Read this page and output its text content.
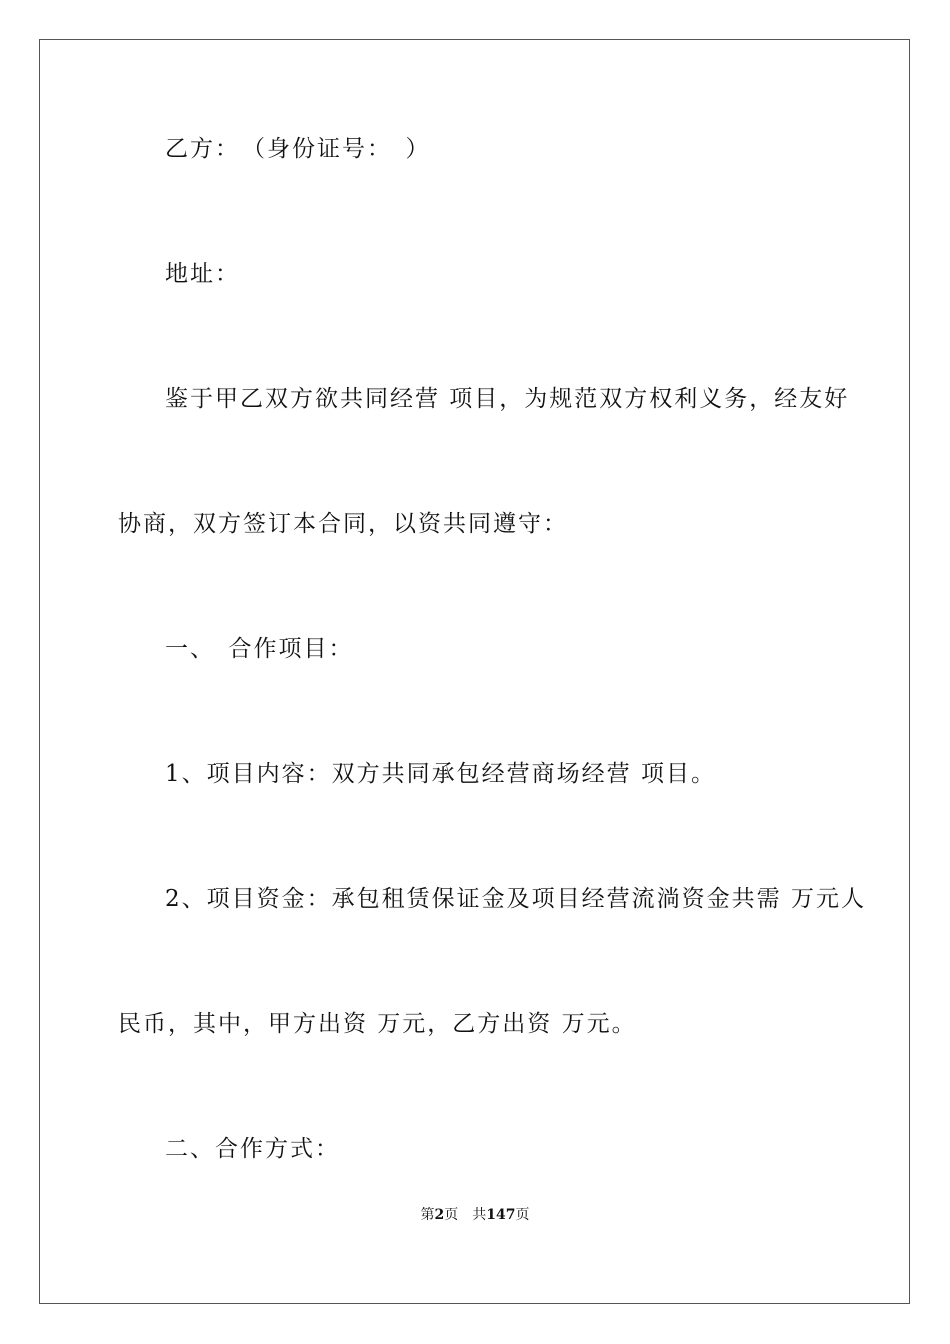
乙方：　（身份证号：　）
地址：
鉴于甲乙双方欲共同经营 项目，为规范双方权利义务，经友好
协商，双方签订本合同，以资共同遵守：
一、　合作项目：
1、项目内容：双方共同承包经营商场经营 项目。
2、项目资金：承包租赁保证金及项目经营流淌资金共需 万元人
民币，其中，甲方出资 万元，乙方出资 万元。
二、合作方式：
第2页　共147页
